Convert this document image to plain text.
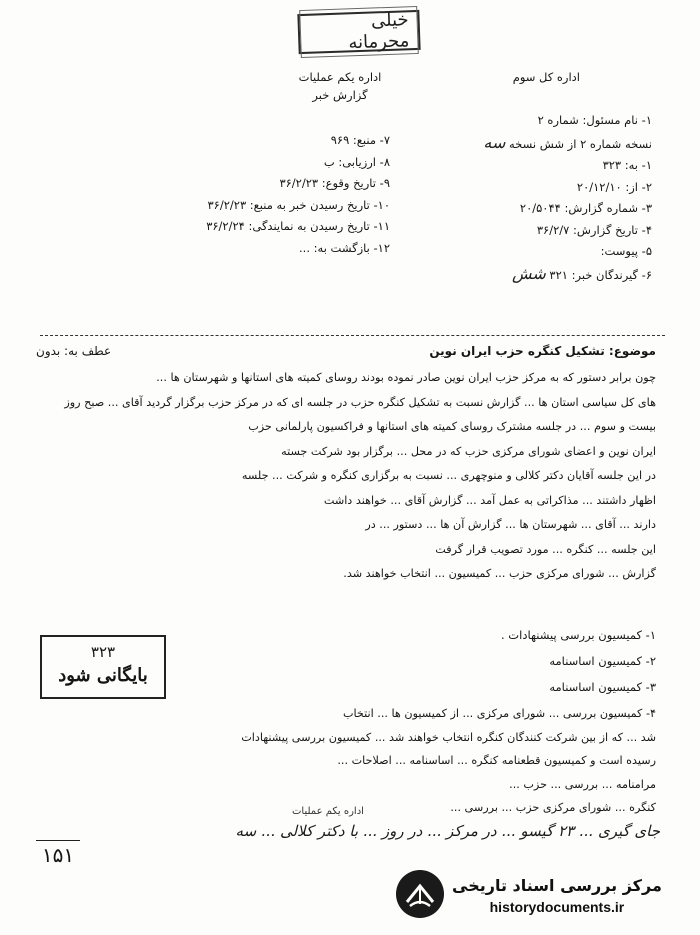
خیلی محرمانه
اداره کل سوم
اداره یکم عملیات
گزارش خبر
۱- نام مسئول: شماره ۲
نسخه شماره ۲ از شش نسخه سه
۱- به: ۳۲۳
۲- از: ۲۰/۱۲/۱۰
۳- شماره گزارش: ۲۰/۵۰۴۴
۴- تاریخ گزارش: ۳۶/۲/۷
۵- پیوست:
۶- گیرندگان خبر: ۳۲۱ شش
۷- منبع: ۹۶۹
۸- ارزیابی: ب
۹- تاریخ وقوع: ۳۶/۲/۲۳
۱۰- تاریخ رسیدن خبر به منبع: ۳۶/۲/۲۳
۱۱- تاریخ رسیدن به نمایندگی: ۳۶/۲/۲۴
۱۲- بازگشت به: ...
موضوع: تشکیل کنگره حزب ایران نوین
عطف به: بدون

چون برابر دستور که به مرکز حزب ایران نوین صادر نموده بودند روسای کمیته های استانها و شهرستان ها ...

های کل سیاسی استان ها ... گزارش نسبت به تشکیل کنگره حزب در جلسه ای که در مرکز حزب برگزار گردید آقای ... صبح روز

بیست و سوم ... در جلسه مشترک روسای کمیته های استانها و فراکسیون پارلمانی حزب

ایران نوین و اعضای شورای مرکزی حزب که در محل ... برگزار بود شرکت جسته

در این جلسه آقایان دکتر کلالی و منوچهری ... نسبت به برگزاری کنگره و شرکت ... جلسه

اظهار داشتند ... مذاکراتی به عمل آمد ... گزارش آقای ... خواهند داشت

دارند ... آقای ... شهرستان ها ... گزارش آن ها ... دستور ... در

این جلسه ... کنگره ... مورد تصویب قرار گرفت

گزارش ... شورای مرکزی حزب ... کمیسیون ... انتخاب خواهند شد.

۱- کمیسیون بررسی پیشنهادات .
۲- کمیسیون اساسنامه
۳- کمیسیون اساسنامه
۳۲۳
بایگانی شود

۴- کمیسیون بررسی ... شورای مرکزی ... از کمیسیون ها ... انتخاب

شد ... که از بین شرکت کنندگان کنگره انتخاب خواهند شد ... کمیسیون بررسی پیشنهادات

رسیده است و کمیسیون قطعنامه کنگره ... اساسنامه ... اصلاحات ...

مرامنامه ... بررسی ... حزب ...

کنگره ... شورای مرکزی حزب ... بررسی ...

اداره یکم عملیات
جای گیری ... ۲۳ گیسو ... در مرکز ... در روز ... با دکتر کلالی ... سه
۱۵۱
مرکز بررسی اسناد تاریخی
historydocuments.ir
